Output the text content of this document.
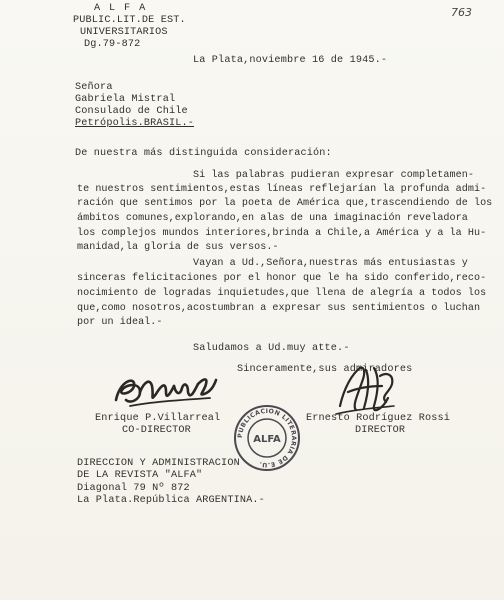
763
A L F A
PUBLIC.LIT.DE EST.
UNIVERSITARIOS
Dg.79-872
La Plata,noviembre 16 de 1945.-
Señora
Gabriela Mistral
Consulado de Chile
Petrópolis.BRASIL.-
De nuestra más distinguida consideración:
Si las palabras pudieran expresar completamen-
te nuestros sentimientos,estas líneas reflejarían la profunda admi-
ración que sentimos por la poeta de América que,trascendiendo de los
ámbitos comunes,explorando,en alas de una imaginación reveladora
los complejos mundos interiores,brinda a Chile,a América y a la Hu-
manidad,la gloria de sus versos.-
Vayan a Ud.,Señora,nuestras más entusiastas y
sinceras felicitaciones por el honor que le ha sido conferido,reco-
nocimiento de logradas inquietudes,que llena de alegría a todos los
que,como nosotros,acostumbran a expresar sus sentimientos o luchan
por un ideal.-
Saludamos a Ud.muy atte.-
Sinceramente,sus admiradores
Enrique P.Villarreal
CO-DIRECTOR
Ernesto Rodríguez Rossi
DIRECTOR
PUBLICACION LITERARIA DE E.U.
ALFA
DIRECCION Y ADMINISTRACION
DE LA REVISTA "ALFA"
Diagonal 79 Nº 872
La Plata.República ARGENTINA.-
